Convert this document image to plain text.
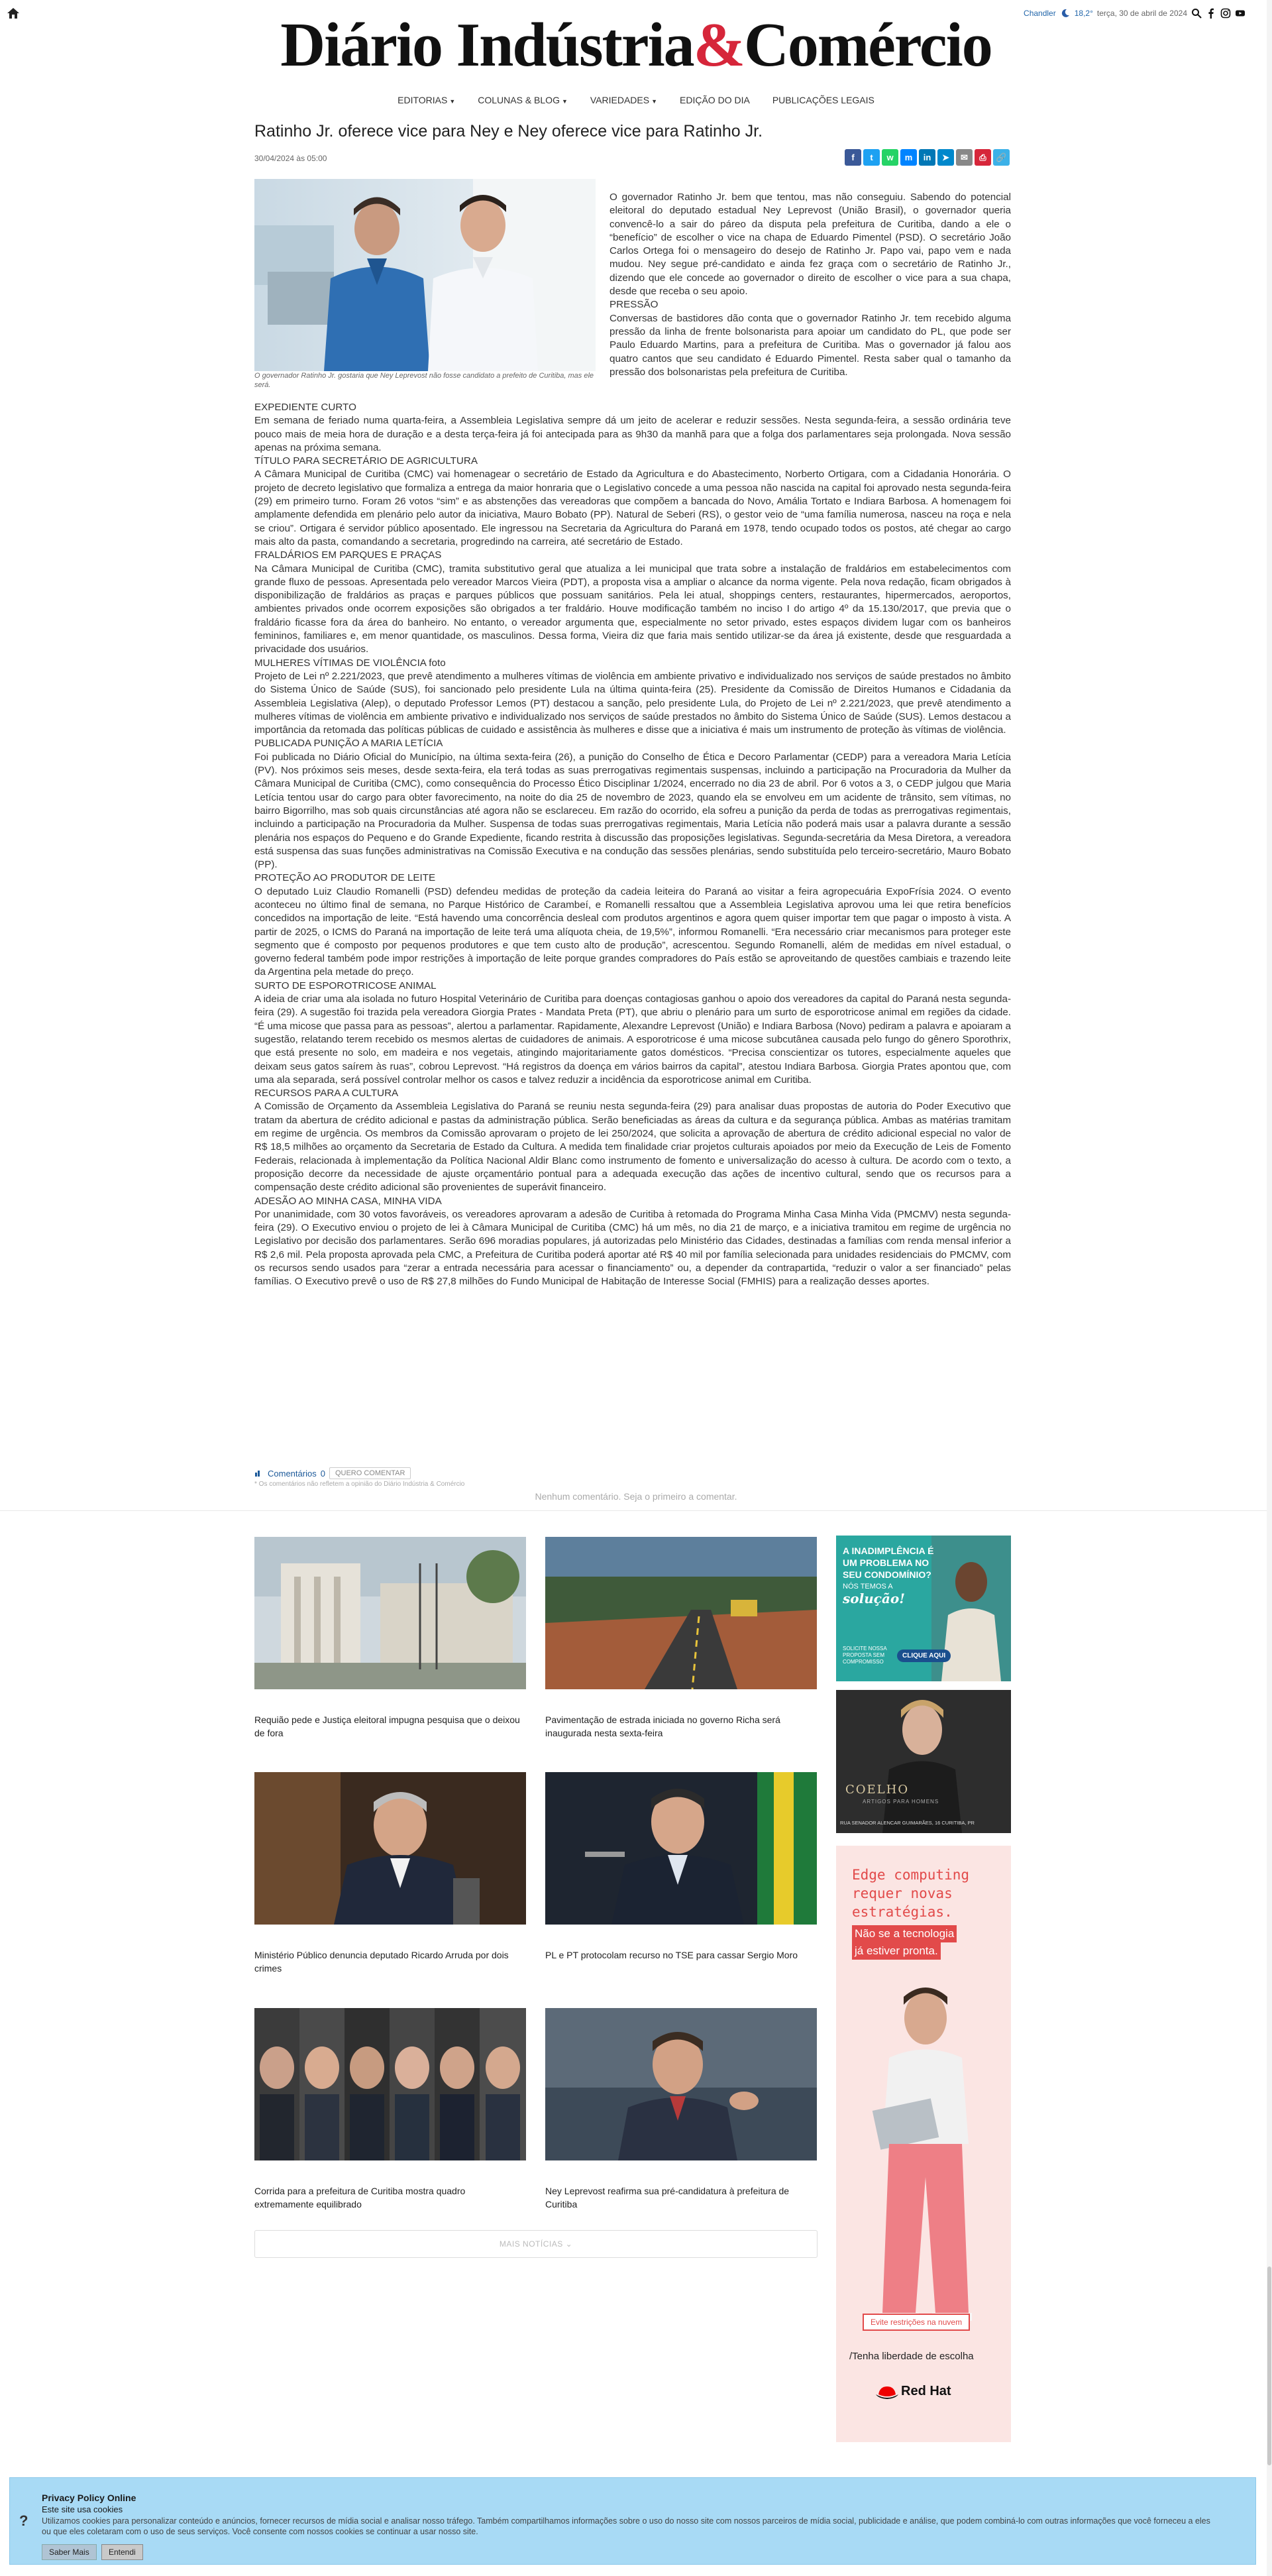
Chandler 18,2° terça, 30 de abril de 2024
Diário Indústria&Comércio
EDITORIAS ▼ COLUNAS & BLOG ▼ VARIEDADES ▼ EDIÇÃO DO DIA PUBLICAÇÕES LEGAIS
Ratinho Jr. oferece vice para Ney e Ney oferece vice para Ratinho Jr.
30/04/2024 às 05:00	f	t	w	m	in	➤	✉	⎙	🔗
O governador Ratinho Jr. gostaria que Ney Leprevost não fosse candidato a prefeito de Curitiba, mas ele será.

O governador Ratinho Jr. bem que tentou, mas não conseguiu. Sabendo do potencial eleitoral do deputado estadual Ney Leprevost (União Brasil), o governador queria convencê-lo a sair do páreo da disputa pela prefeitura de Curitiba, dando a ele o “benefício” de escolher o vice na chapa de Eduardo Pimentel (PSD). O secretário João Carlos Ortega foi o mensageiro do desejo de Ratinho Jr. Papo vai, papo vem e nada mudou. Ney segue pré-candidato e ainda fez graça com o secretário de Ratinho Jr., dizendo que ele concede ao governador o direito de escolher o vice para a sua chapa, desde que receba o seu apoio.

PRESSÃO

Conversas de bastidores dão conta que o governador Ratinho Jr. tem recebido alguma pressão da linha de frente bolsonarista para apoiar um candidato do PL, que pode ser Paulo Eduardo Martins, para a prefeitura de Curitiba. Mas o governador já falou aos quatro cantos que seu candidato é Eduardo Pimentel. Resta saber qual o tamanho da pressão dos bolsonaristas pela prefeitura de Curitiba.

EXPEDIENTE CURTO

Em semana de feriado numa quarta-feira, a Assembleia Legislativa sempre dá um jeito de acelerar e reduzir sessões. Nesta segunda-feira, a sessão ordinária teve pouco mais de meia hora de duração e a desta terça-feira já foi antecipada para as 9h30 da manhã para que a folga dos parlamentares seja prolongada. Nova sessão apenas na próxima semana.

TÍTULO PARA SECRETÁRIO DE AGRICULTURA

A Câmara Municipal de Curitiba (CMC) vai homenagear o secretário de Estado da Agricultura e do Abastecimento, Norberto Ortigara, com a Cidadania Honorária. O projeto de decreto legislativo que formaliza a entrega da maior honraria que o Legislativo concede a uma pessoa não nascida na capital foi aprovado nesta segunda-feira (29) em primeiro turno. Foram 26 votos “sim” e as abstenções das vereadoras que compõem a bancada do Novo, Amália Tortato e Indiara Barbosa. A homenagem foi amplamente defendida em plenário pelo autor da iniciativa, Mauro Bobato (PP). Natural de Seberi (RS), o gestor veio de “uma família numerosa, nasceu na roça e nela se criou”. Ortigara é servidor público aposentado. Ele ingressou na Secretaria da Agricultura do Paraná em 1978, tendo ocupado todos os postos, até chegar ao cargo mais alto da pasta, comandando a secretaria, progredindo na carreira, até secretário de Estado.

FRALDÁRIOS EM PARQUES E PRAÇAS

Na Câmara Municipal de Curitiba (CMC), tramita substitutivo geral que atualiza a lei municipal que trata sobre a instalação de fraldários em estabelecimentos com grande fluxo de pessoas. Apresentada pelo vereador Marcos Vieira (PDT), a proposta visa a ampliar o alcance da norma vigente. Pela nova redação, ficam obrigados à disponibilização de fraldários as praças e parques públicos que possuam sanitários. Pela lei atual, shoppings centers, restaurantes, hipermercados, aeroportos, ambientes privados onde ocorrem exposições são obrigados a ter fraldário. Houve modificação também no inciso I do artigo 4º da 15.130/2017, que previa que o fraldário ficasse fora da área do banheiro. No entanto, o vereador argumenta que, especialmente no setor privado, estes espaços dividem lugar com os banheiros femininos, familiares e, em menor quantidade, os masculinos. Dessa forma, Vieira diz que faria mais sentido utilizar-se da área já existente, desde que resguardada a privacidade dos usuários.

MULHERES VÍTIMAS DE VIOLÊNCIA foto

Projeto de Lei nº 2.221/2023, que prevê atendimento a mulheres vítimas de violência em ambiente privativo e individualizado nos serviços de saúde prestados no âmbito do Sistema Único de Saúde (SUS), foi sancionado pelo presidente Lula na última quinta-feira (25). Presidente da Comissão de Direitos Humanos e Cidadania da Assembleia Legislativa (Alep), o deputado Professor Lemos (PT) destacou a sanção, pelo presidente Lula, do Projeto de Lei nº 2.221/2023, que prevê atendimento a mulheres vítimas de violência em ambiente privativo e individualizado nos serviços de saúde prestados no âmbito do Sistema Único de Saúde (SUS). Lemos destacou a importância da retomada das políticas públicas de cuidado e assistência às mulheres e disse que a iniciativa é mais um instrumento de proteção às vítimas de violência.

PUBLICADA PUNIÇÃO A MARIA LETÍCIA

Foi publicada no Diário Oficial do Município, na última sexta-feira (26), a punição do Conselho de Ética e Decoro Parlamentar (CEDP) para a vereadora Maria Letícia (PV). Nos próximos seis meses, desde sexta-feira, ela terá todas as suas prerrogativas regimentais suspensas, incluindo a participação na Procuradoria da Mulher da Câmara Municipal de Curitiba (CMC), como consequência do Processo Ético Disciplinar 1/2024, encerrado no dia 23 de abril. Por 6 votos a 3, o CEDP julgou que Maria Letícia tentou usar do cargo para obter favorecimento, na noite do dia 25 de novembro de 2023, quando ela se envolveu em um acidente de trânsito, sem vítimas, no bairro Bigorrilho, mas sob quais circunstâncias até agora não se esclareceu. Em razão do ocorrido, ela sofreu a punição da perda de todas as prerrogativas regimentais, incluindo a participação na Procuradoria da Mulher. Suspensa de todas suas prerrogativas regimentais, Maria Letícia não poderá mais usar a palavra durante a sessão plenária nos espaços do Pequeno e do Grande Expediente, ficando restrita à discussão das proposições legislativas. Segunda-secretária da Mesa Diretora, a vereadora está suspensa das suas funções administrativas na Comissão Executiva e na condução das sessões plenárias, sendo substituída pelo terceiro-secretário, Mauro Bobato (PP).

PROTEÇÃO AO PRODUTOR DE LEITE

O deputado Luiz Claudio Romanelli (PSD) defendeu medidas de proteção da cadeia leiteira do Paraná ao visitar a feira agropecuária ExpoFrísia 2024. O evento aconteceu no último final de semana, no Parque Histórico de Carambeí, e Romanelli ressaltou que a Assembleia Legislativa aprovou uma lei que retira benefícios concedidos na importação de leite. “Está havendo uma concorrência desleal com produtos argentinos e agora quem quiser importar tem que pagar o imposto à vista. A partir de 2025, o ICMS do Paraná na importação de leite terá uma alíquota cheia, de 19,5%”, informou Romanelli. “Era necessário criar mecanismos para proteger este segmento que é composto por pequenos produtores e que tem custo alto de produção”, acrescentou. Segundo Romanelli, além de medidas em nível estadual, o governo federal também pode impor restrições à importação de leite porque grandes compradores do País estão se aproveitando de questões cambiais e trazendo leite da Argentina pela metade do preço.

SURTO DE ESPOROTRICOSE ANIMAL

A ideia de criar uma ala isolada no futuro Hospital Veterinário de Curitiba para doenças contagiosas ganhou o apoio dos vereadores da capital do Paraná nesta segunda-feira (29). A sugestão foi trazida pela vereadora Giorgia Prates - Mandata Preta (PT), que abriu o plenário para um surto de esporotricose animal em regiões da cidade. “É uma micose que passa para as pessoas”, alertou a parlamentar. Rapidamente, Alexandre Leprevost (União) e Indiara Barbosa (Novo) pediram a palavra e apoiaram a sugestão, relatando terem recebido os mesmos alertas de cuidadores de animais. A esporotricose é uma micose subcutânea causada pelo fungo do gênero Sporothrix, que está presente no solo, em madeira e nos vegetais, atingindo majoritariamente gatos domésticos. “Precisa conscientizar os tutores, especialmente aqueles que deixam seus gatos saírem às ruas”, cobrou Leprevost. “Há registros da doença em vários bairros da capital”, atestou Indiara Barbosa. Giorgia Prates apontou que, com uma ala separada, será possível controlar melhor os casos e talvez reduzir a incidência da esporotricose animal em Curitiba.

RECURSOS PARA A CULTURA

A Comissão de Orçamento da Assembleia Legislativa do Paraná se reuniu nesta segunda-feira (29) para analisar duas propostas de autoria do Poder Executivo que tratam da abertura de crédito adicional e pastas da administração pública. Serão beneficiadas as áreas da cultura e da segurança pública. Ambas as matérias tramitam em regime de urgência. Os membros da Comissão aprovaram o projeto de lei 250/2024, que solicita a aprovação de abertura de crédito adicional especial no valor de R$ 18,5 milhões ao orçamento da Secretaria de Estado da Cultura. A medida tem finalidade criar projetos culturais apoiados por meio da Execução de Leis de Fomento Federais, relacionada à implementação da Política Nacional Aldir Blanc como instrumento de fomento e universalização do acesso à cultura. De acordo com o texto, a proposição decorre da necessidade de ajuste orçamentário pontual para a adequada execução das ações de incentivo cultural, sendo que os recursos para a compensação deste crédito adicional são provenientes de superávit financeiro.

ADESÃO AO MINHA CASA, MINHA VIDA

Por unanimidade, com 30 votos favoráveis, os vereadores aprovaram a adesão de Curitiba à retomada do Programa Minha Casa Minha Vida (PMCMV) nesta segunda-feira (29). O Executivo enviou o projeto de lei à Câmara Municipal de Curitiba (CMC) há um mês, no dia 21 de março, e a iniciativa tramitou em regime de urgência no Legislativo por decisão dos parlamentares. Serão 696 moradias populares, já autorizadas pelo Ministério das Cidades, destinadas a famílias com renda mensal inferior a R$ 2,6 mil. Pela proposta aprovada pela CMC, a Prefeitura de Curitiba poderá aportar até R$ 40 mil por família selecionada para unidades residenciais do PMCMV, com os recursos sendo usados para “zerar a entrada necessária para acessar o financiamento” ou, a depender da contrapartida, “reduzir o valor a ser financiado” pelas famílias. O Executivo prevê o uso de R$ 27,8 milhões do Fundo Municipal de Habitação de Interesse Social (FMHIS) para a realização desses aportes.

Comentários 0	QUERO COMENTAR
* Os comentários não refletem a opinião do Diário Indústria & Comércio
Nenhum comentário. Seja o primeiro a comentar.
Requião pede e Justiça eleitoral impugna pesquisa que o deixou de fora
Pavimentação de estrada iniciada no governo Richa será inaugurada nesta sexta-feira
Ministério Público denuncia deputado Ricardo Arruda por dois crimes
PL e PT protocolam recurso no TSE para cassar Sergio Moro
Corrida para a prefeitura de Curitiba mostra quadro extremamente equilibrado
Ney Leprevost reafirma sua pré-candidatura à prefeitura de Curitiba
MAIS NOTÍCIAS ⌄
A INADIMPLÊNCIA É
UM PROBLEMA NO
SEU CONDOMÍNIO?
NÓS TEMOS A
solução!
SOLICITE NOSSA PROPOSTA SEM COMPROMISSO
CLIQUE AQUI
COELHO
ARTIGOS PARA HOMENS
RUA SENADOR ALENCAR GUIMARÃES, 16 CURITIBA, PR
Edge computing
requer novas
estratégias.
Não se a tecnologia
já estiver pronta.
Evite restrições na nuvem
/Tenha liberdade de escolha
Red Hat
?
Privacy Policy Online
Este site usa cookies
Utilizamos cookies para personalizar conteúdo e anúncios, fornecer recursos de mídia social e analisar nosso tráfego. Também compartilhamos informações sobre o uso do nosso site com nossos parceiros de mídia social, publicidade e análise, que podem combiná-lo com outras informações que você forneceu a eles ou que eles coletaram com o uso de seus serviços. Você consente com nossos cookies se continuar a usar nosso site.
Saber Mais	Entendi
